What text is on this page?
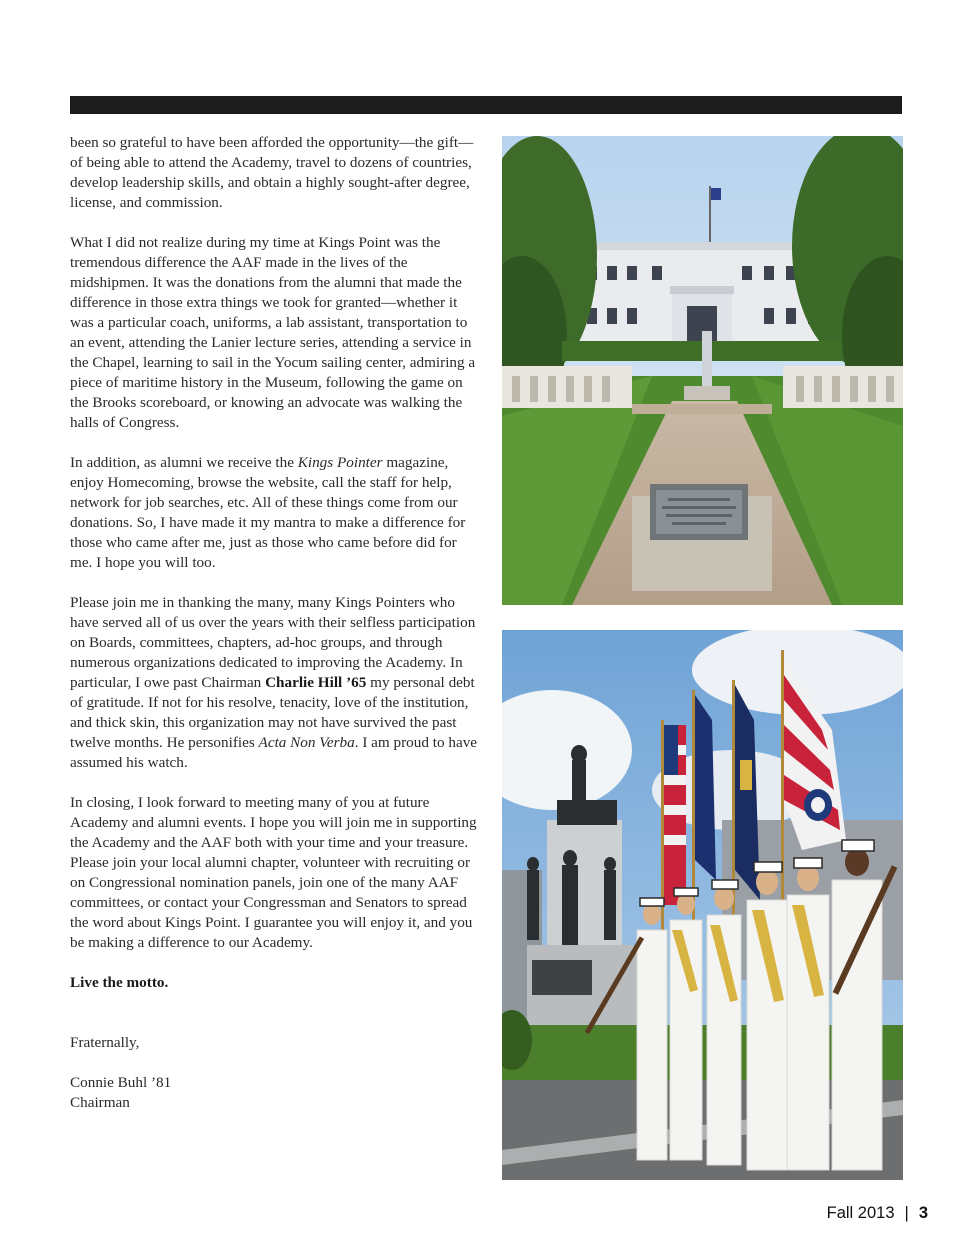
been so grateful to have been afforded the opportunity—the gift—of being able to attend the Academy, travel to dozens of countries, develop leadership skills, and obtain a highly sought-after degree, license, and commission.

What I did not realize during my time at Kings Point was the tremendous difference the AAF made in the lives of the midshipmen. It was the donations from the alumni that made the difference in those extra things we took for granted—whether it was a particular coach, uniforms, a lab assistant, transportation to an event, attending the Lanier lecture series, attending a service in the Chapel, learning to sail in the Yocum sailing center, admiring a piece of maritime history in the Museum, following the game on the Brooks scoreboard, or knowing an advocate was walking the halls of Congress.

In addition, as alumni we receive the Kings Pointer magazine, enjoy Homecoming, browse the website, call the staff for help, network for job searches, etc. All of these things come from our donations. So, I have made it my mantra to make a difference for those who came after me, just as those who came before did for me. I hope you will too.

Please join me in thanking the many, many Kings Pointers who have served all of us over the years with their selfless participation on Boards, committees, chapters, ad-hoc groups, and through numerous organizations dedicated to improving the Academy. In particular, I owe past Chairman Charlie Hill ’65 my personal debt of gratitude. If not for his resolve, tenacity, love of the institution, and thick skin, this organization may not have survived the past twelve months. He personifies Acta Non Verba. I am proud to have assumed his watch.

In closing, I look forward to meeting many of you at future Academy and alumni events. I hope you will join me in supporting the Academy and the AAF both with your time and your treasure. Please join your local alumni chapter, volunteer with recruiting or on Congressional nomination panels, join one of the many AAF committees, or contact your Congressman and Senators to spread the word about Kings Point. I guarantee you will enjoy it, and you be making a difference to our Academy.

Live the motto.

Fraternally,

Connie Buhl ’81
Chairman
Fall 2013 | 3
